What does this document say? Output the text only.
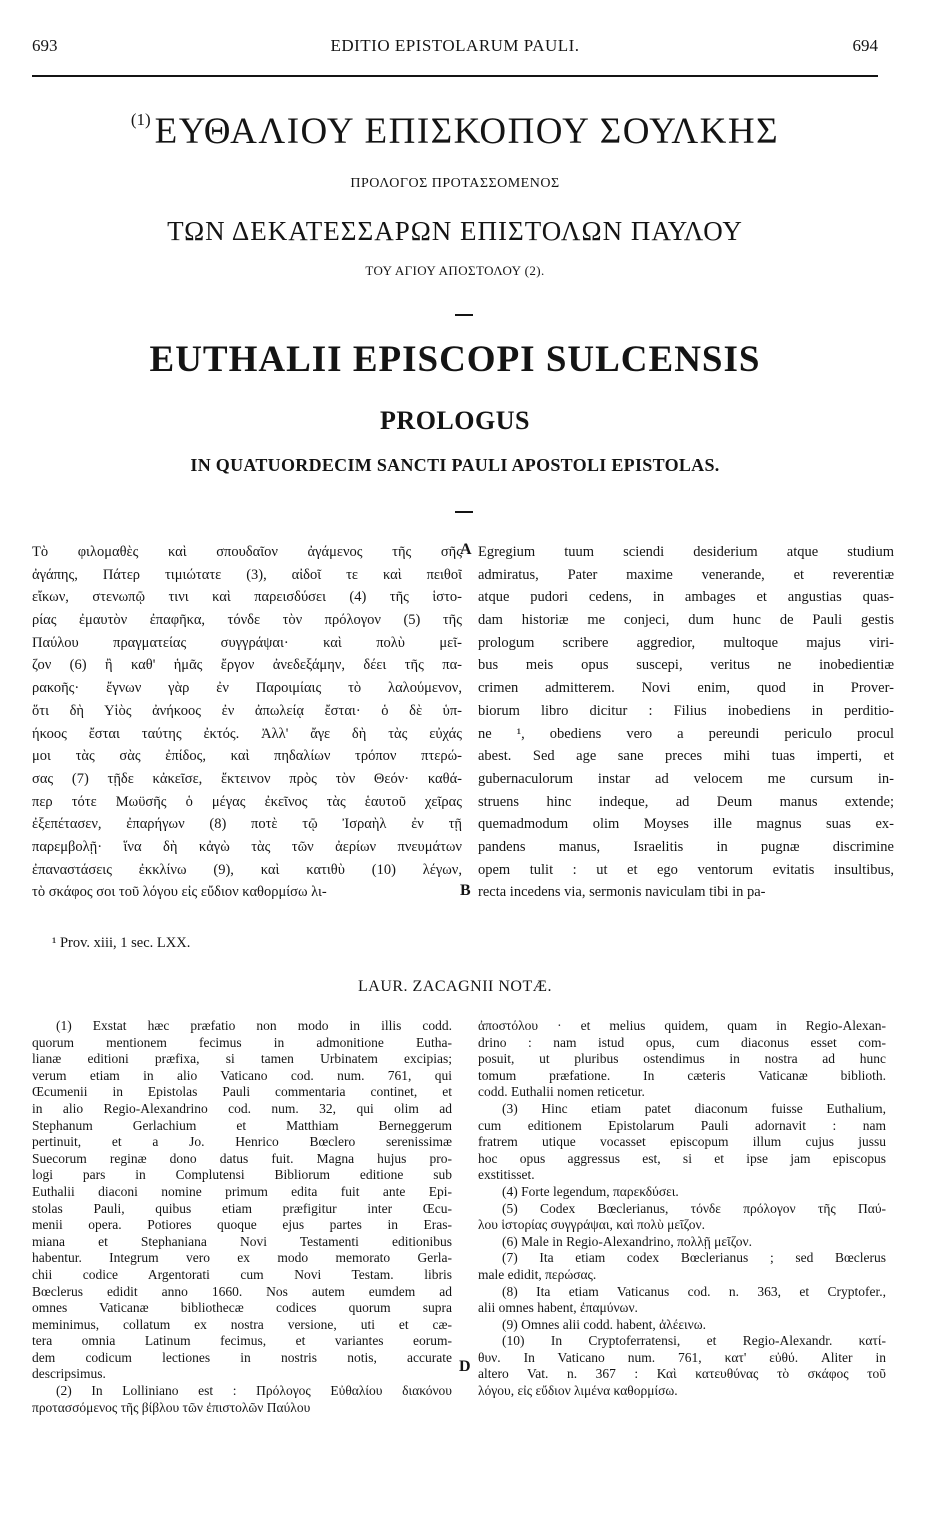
693	EDITIO EPISTOLARUM PAULI.	694
$^{(1)}$ ΕΥΘΑΛΙΟΥ ΕΠΙΣΚΟΠΟΥ ΣΟΥΛΚΗΣ
ΠΡΟΛΟΓΟΣ ΠΡΟΤΑΣΣΟΜΕΝΟΣ
ΤΩΝ ΔΕΚΑΤΕΣΣΑΡΩΝ ΕΠΙΣΤΟΛΩΝ ΠΑΥΛΟΥ
ΤΟΥ ΑΓΙΟΥ ΑΠΟΣΤΟΛΟΥ (2).
EUTHALII EPISCOPI SULCENSIS
PROLOGUS
IN QUATUORDECIM SANCTI PAULI APOSTOLI EPISTOLAS.
Τὸ φιλομαθὲς καὶ σπουδαῖον ἀγάμενος τῆς σῆς
ἀγάπης, Πάτερ τιμιώτατε (3), αἰδοῖ τε καὶ πειθοῖ
εἴκων, στενωπῷ τινι καὶ παρεισδύσει (4) τῆς ἱστο-
ρίας ἐμαυτὸν ἐπαφῆκα, τόνδε τὸν πρόλογον (5) τῆς
Παύλου πραγματείας συγγράψαι· καὶ πολὺ μεῖ-
ζον (6) ἢ καθ' ἡμᾶς ἔργον ἀνεδεξάμην, δέει τῆς πα-
ρακοῆς· ἔγνων γὰρ ἐν Παροιμίαις τὸ λαλούμενον,
ὅτι δὴ Υἱὸς ἀνήκοος ἐν ἀπωλείᾳ ἔσται· ὁ δὲ ὑπ-
ήκοος ἔσται ταύτης ἐκτός. Ἀλλ' ἄγε δὴ τὰς εὐχάς
μοι τὰς σὰς ἐπίδος, καὶ πηδαλίων τρόπον πτερώ-
σας (7) τῇδε κἀκεῖσε, ἔκτεινον πρὸς τὸν Θεόν· καθά-
περ τότε Μωϋσῆς ὁ μέγας ἐκεῖνος τὰς ἑαυτοῦ χεῖρας
ἐξεπέτασεν, ἐπαρήγων (8) ποτὲ τῷ Ἰσραὴλ ἐν τῇ
παρεμβολῇ· ἵνα δὴ κἀγὼ τὰς τῶν ἀερίων πνευμάτων
ἐπαναστάσεις ἐκκλίνω (9), καὶ κατιθὺ (10) λέγων,
τὸ σκάφος σοι τοῦ λόγου εἰς εὔδιον καθορμίσω λι-
A
B
Egregium tuum sciendi desiderium atque studium
admiratus, Pater maxime venerande, et reverentiæ
atque pudori cedens, in ambages et angustias quas-
dam historiæ me conjeci, dum hunc de Pauli gestis
prologum scribere aggredior, multoque majus viri-
bus meis opus suscepi, veritus ne inobedientiæ
crimen admitterem. Novi enim, quod in Prover-
biorum libro dicitur : Filius inobediens in perditio-
ne ¹, obediens vero a pereundi periculo procul
abest. Sed age sane preces mihi tuas imperti, et
gubernaculorum instar ad velocem me cursum in-
struens hinc indeque, ad Deum manus extende;
quemadmodum olim Moyses ille magnus suas ex-
pandens manus, Israelitis in pugnæ discrimine
opem tulit : ut et ego ventorum evitatis insultibus,
recta incedens via, sermonis naviculam tibi in pa-
¹ Prov. xiii, 1 sec. LXX.
LAUR. ZACAGNII NOTÆ.
(1) Exstat hæc præfatio non modo in illis codd.
quorum mentionem fecimus in admonitione Eutha-
lianæ editioni præfixa, si tamen Urbinatem excipias;
verum etiam in alio Vaticano cod. num. 761, qui
Œcumenii in Epistolas Pauli commentaria continet, et
in alio Regio-Alexandrino cod. num. 32, qui olim ad
Stephanum Gerlachium et Matthiam Berneggerum
pertinuit, et a Jo. Henrico Bœclero serenissimæ
Suecorum reginæ dono datus fuit. Magna hujus pro-
logi pars in Complutensi Bibliorum editione sub
Euthalii diaconi nomine primum edita fuit ante Epi-
stolas Pauli, quibus etiam præfigitur inter Œcu-
menii opera. Potiores quoque ejus partes in Eras-
miana et Stephaniana Novi Testamenti editionibus
habentur. Integrum vero ex modo memorato Gerla-
chii codice Argentorati cum Novi Testam. libris
Bœclerus edidit anno 1660. Nos autem eumdem ad
omnes Vaticanæ bibliothecæ codices quorum supra
meminimus, collatum ex nostra versione, uti et cæ-
tera omnia Latinum fecimus, et variantes eorum-
dem codicum lectiones in nostris notis, accurate
descripsimus.
(2) In Lolliniano est : Πρόλογος Εὐθαλίου διακόνου
προτασσόμενος τῆς βίβλου τῶν ἐπιστολῶν Παύλου
D
ἀποστόλου · et melius quidem, quam in Regio-Alexan-
drino : nam istud opus, cum diaconus esset com-
posuit, ut pluribus ostendimus in nostra ad hunc
tomum præfatione. In cæteris Vaticanæ biblioth.
codd. Euthalii nomen reticetur.
(3) Hinc etiam patet diaconum fuisse Euthalium,
cum editionem Epistolarum Pauli adornavit : nam
fratrem utique vocasset episcopum illum cujus jussu
hoc opus aggressus est, si et ipse jam episcopus
exstitisset.
(4) Forte legendum, παρεκδύσει.
(5) Codex Bœclerianus, τόνδε πρόλογον τῆς Παύ-
λου ἱστορίας συγγράψαι, καὶ πολὺ μεῖζον.
(6) Male in Regio-Alexandrino, πολλῇ μεῖζον.
(7) Ita etiam codex Bœclerianus ; sed Bœclerus
male edidit, περώσας.
(8) Ita etiam Vaticanus cod. n. 363, et Cryptofer.,
alii omnes habent, ἐπαμύνων.
(9) Omnes alii codd. habent, ἀλέεινω.
(10) In Cryptoferratensi, et Regio-Alexandr. κατί-
θυν. In Vaticano num. 761, κατ' εὐθύ. Aliter in
altero Vat. n. 367 : Καὶ κατευθύνας τὸ σκάφος τοῦ
λόγου, εἰς εὔδιον λιμένα καθορμίσω.
